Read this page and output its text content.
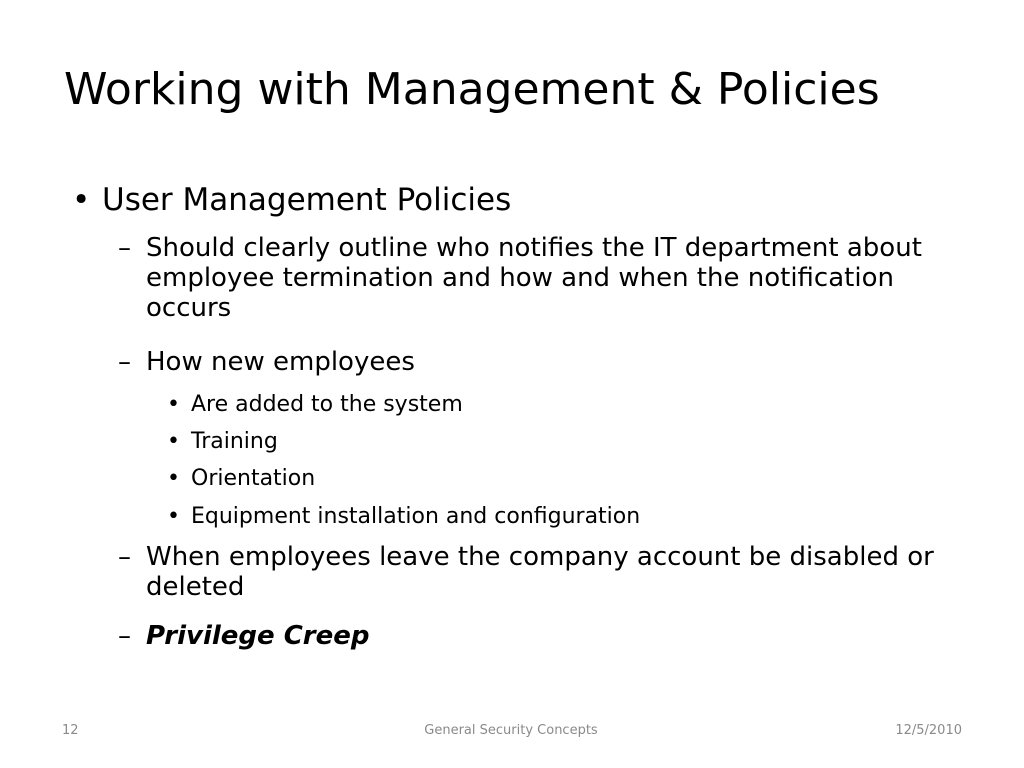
Working with Management & Policies
• User Management Policies
– Should clearly outline who notifies the IT department about employee termination and how and when the notification occurs
– How new employees
• Are added to the system
• Training
• Orientation
• Equipment installation and configuration
– When employees leave the company account be disabled or deleted
– Privilege Creep
12	General Security Concepts	12/5/2010
